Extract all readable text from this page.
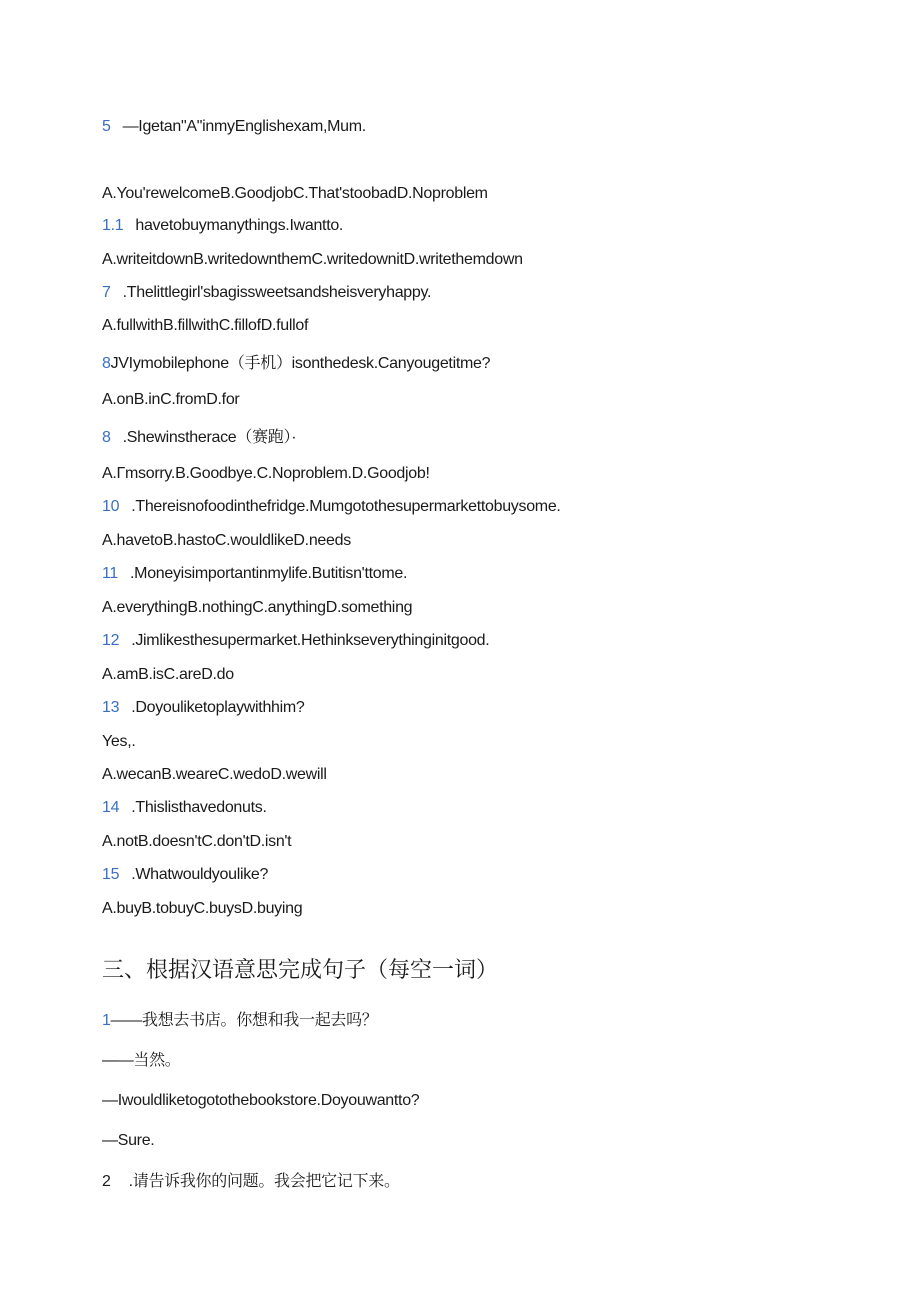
5 —Igetan"A"inmyEnglishexam,Mum.
A.You'rewelcomeB.GoodjobC.That'stoobadD.Noproblem
1.1 havetobuymanythings.Iwantto.
A.writeitdownB.writedownthemC.writedownitD.writethemdown
7 .Thelittlegirl'sbagissweetsandsheisveryhappy.
A.fullwithB.fillwithC.fillofD.fullof
8JVIymobilephone（手机）isonthedesk.Canyougetitme?
A.onB.inC.fromD.for
8 .Shewinstherace（赛跑）·
A.Γmsorry.B.Goodbye.C.Noproblem.D.Goodjob!
10 .Thereisnofoodinthefridge.Mumgotothesupermarkettobuysome.
A.havetoB.hastoC.wouldlikeD.needs
11 .Moneyisimportantinmylife.Butitisn'ttome.
A.everythingB.nothingC.anythingD.something
12 .Jimlikesthesupermarket.Hethinkseverythinginitgood.
A.amB.isC.areD.do
13 .Doyouliketoplaywithhim?
Yes,.
A.wecanB.weareC.wedoD.wewill
14 .Thislisthavedonuts.
A.notB.doesn'tC.don'tD.isn't
15 .Whatwouldyoulike?
A.buyB.tobuyC.buysD.buying
三、根据汉语意思完成句子（每空一词）
1——我想去书店。你想和我一起去吗？
——当然。
—Iwouldliketogotothebookstore.Doyouwantto?
—Sure.
2 .请告诉我你的问题。我会把它记下来。
